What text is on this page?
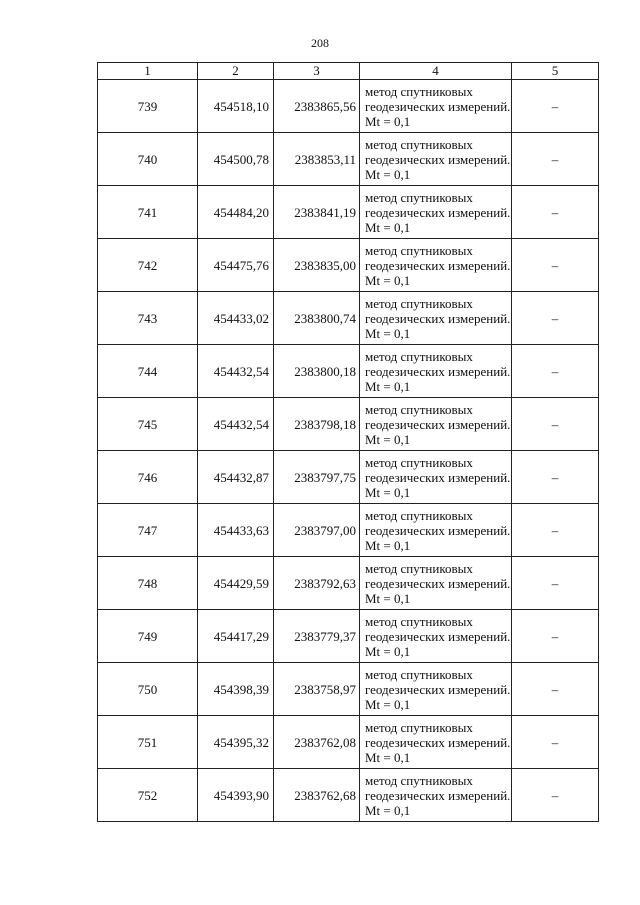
208
1	2	3	4	5
739	454518,10	2383865,56	метод спутниковых геодезических измерений. Mt = 0,1	–
740	454500,78	2383853,11	метод спутниковых геодезических измерений. Mt = 0,1	–
741	454484,20	2383841,19	метод спутниковых геодезических измерений. Mt = 0,1	–
742	454475,76	2383835,00	метод спутниковых геодезических измерений. Mt = 0,1	–
743	454433,02	2383800,74	метод спутниковых геодезических измерений. Mt = 0,1	–
744	454432,54	2383800,18	метод спутниковых геодезических измерений. Mt = 0,1	–
745	454432,54	2383798,18	метод спутниковых геодезических измерений. Mt = 0,1	–
746	454432,87	2383797,75	метод спутниковых геодезических измерений. Mt = 0,1	–
747	454433,63	2383797,00	метод спутниковых геодезических измерений. Mt = 0,1	–
748	454429,59	2383792,63	метод спутниковых геодезических измерений. Mt = 0,1	–
749	454417,29	2383779,37	метод спутниковых геодезических измерений. Mt = 0,1	–
750	454398,39	2383758,97	метод спутниковых геодезических измерений. Mt = 0,1	–
751	454395,32	2383762,08	метод спутниковых геодезических измерений. Mt = 0,1	–
752	454393,90	2383762,68	метод спутниковых геодезических измерений. Mt = 0,1	–
